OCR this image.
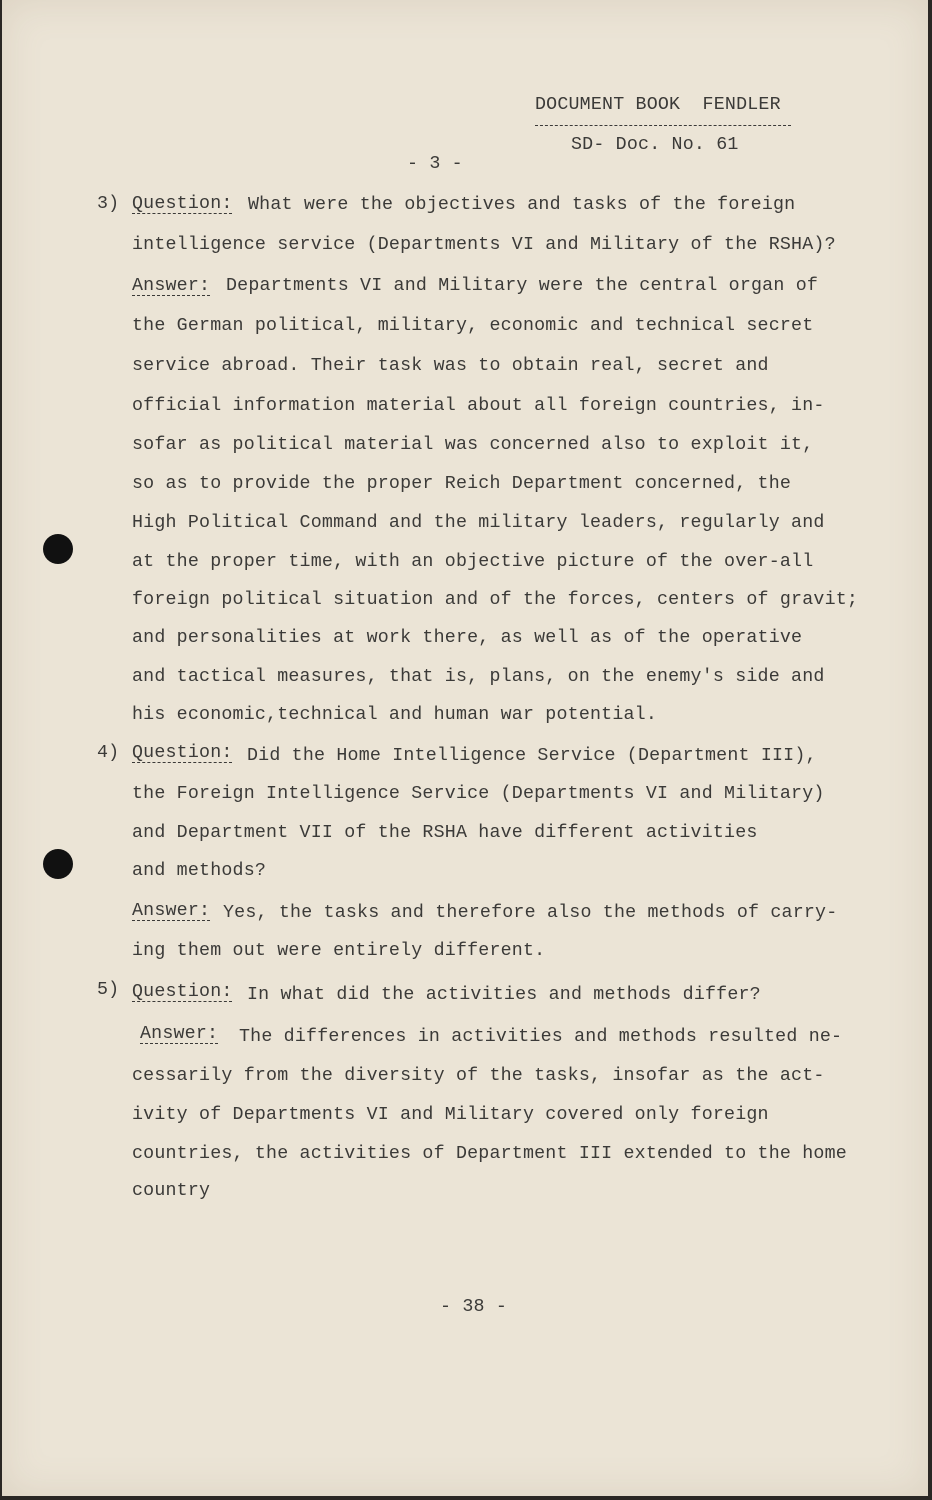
DOCUMENT BOOK  FENDLER
SD- Doc. No. 61
- 3 -
3) Question: What were the objectives and tasks of the foreign
intelligence service (Departments VI and Military of the RSHA)?
Answer: Departments VI and Military were the central organ of
the German political, military, economic and technical secret
service abroad. Their task was to obtain real, secret and
official information material about all foreign countries, in-
sofar as political material was concerned also to exploit it,
so as to provide the proper Reich Department concerned, the
High Political Command and the military leaders, regularly and
at the proper time, with an objective picture of the over-all
foreign political situation and of the forces, centers of gravit;
and personalities at work there, as well as of the operative
and tactical measures, that is, plans, on the enemy's side and
his economic,technical and human war potential.
4) Question: Did the Home Intelligence Service (Department III),
the Foreign Intelligence Service (Departments VI and Military)
and Department VII of the RSHA have different activities
and methods?
Answer: Yes, the tasks and therefore also the methods of carry-
ing them out were entirely different.
5) Question: In what did the activities and methods differ?
Answer: The differences in activities and methods resulted ne-
cessarily from the diversity of the tasks, insofar as the act-
ivity of Departments VI and Military covered only foreign
countries, the activities of Department III extended to the home
country
- 38 -
